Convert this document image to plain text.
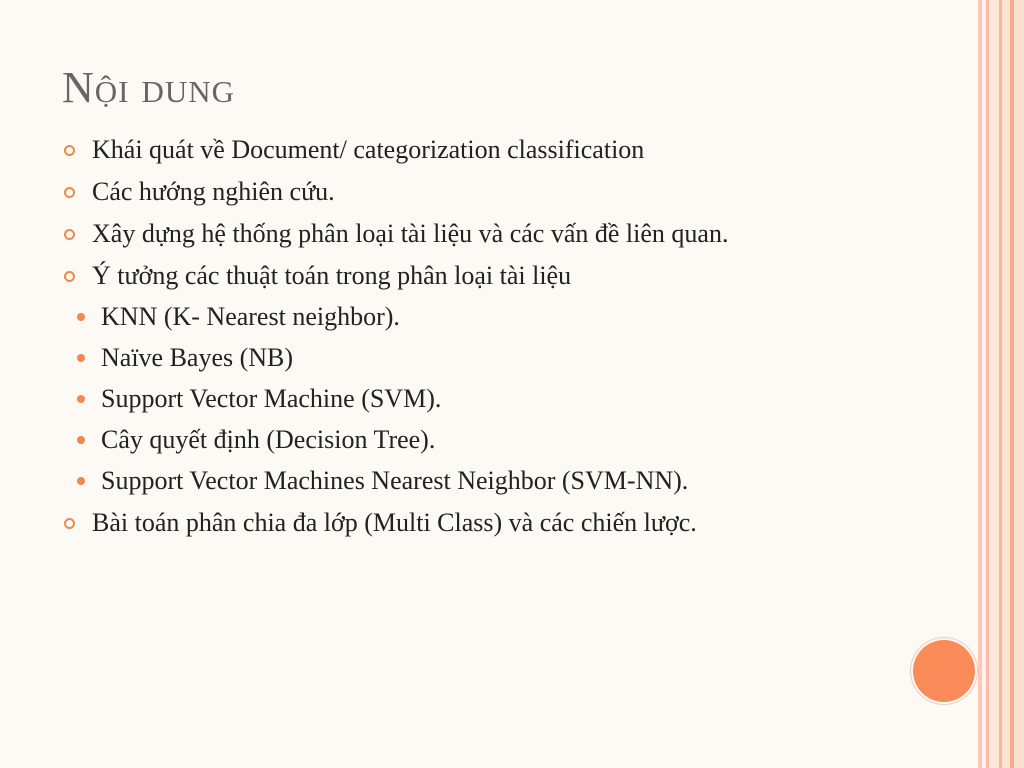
Nội dung
Khái quát về Document/ categorization classification
Các hướng nghiên cứu.
Xây dựng hệ thống phân loại tài liệu và các vấn đề liên quan.
Ý tưởng các thuật toán trong phân loại tài liệu
KNN (K- Nearest neighbor).
Naïve Bayes (NB)
Support Vector Machine (SVM).
Cây quyết định (Decision Tree).
Support Vector Machines Nearest Neighbor (SVM-NN).
Bài toán phân chia đa lớp (Multi Class) và các chiến lược.
